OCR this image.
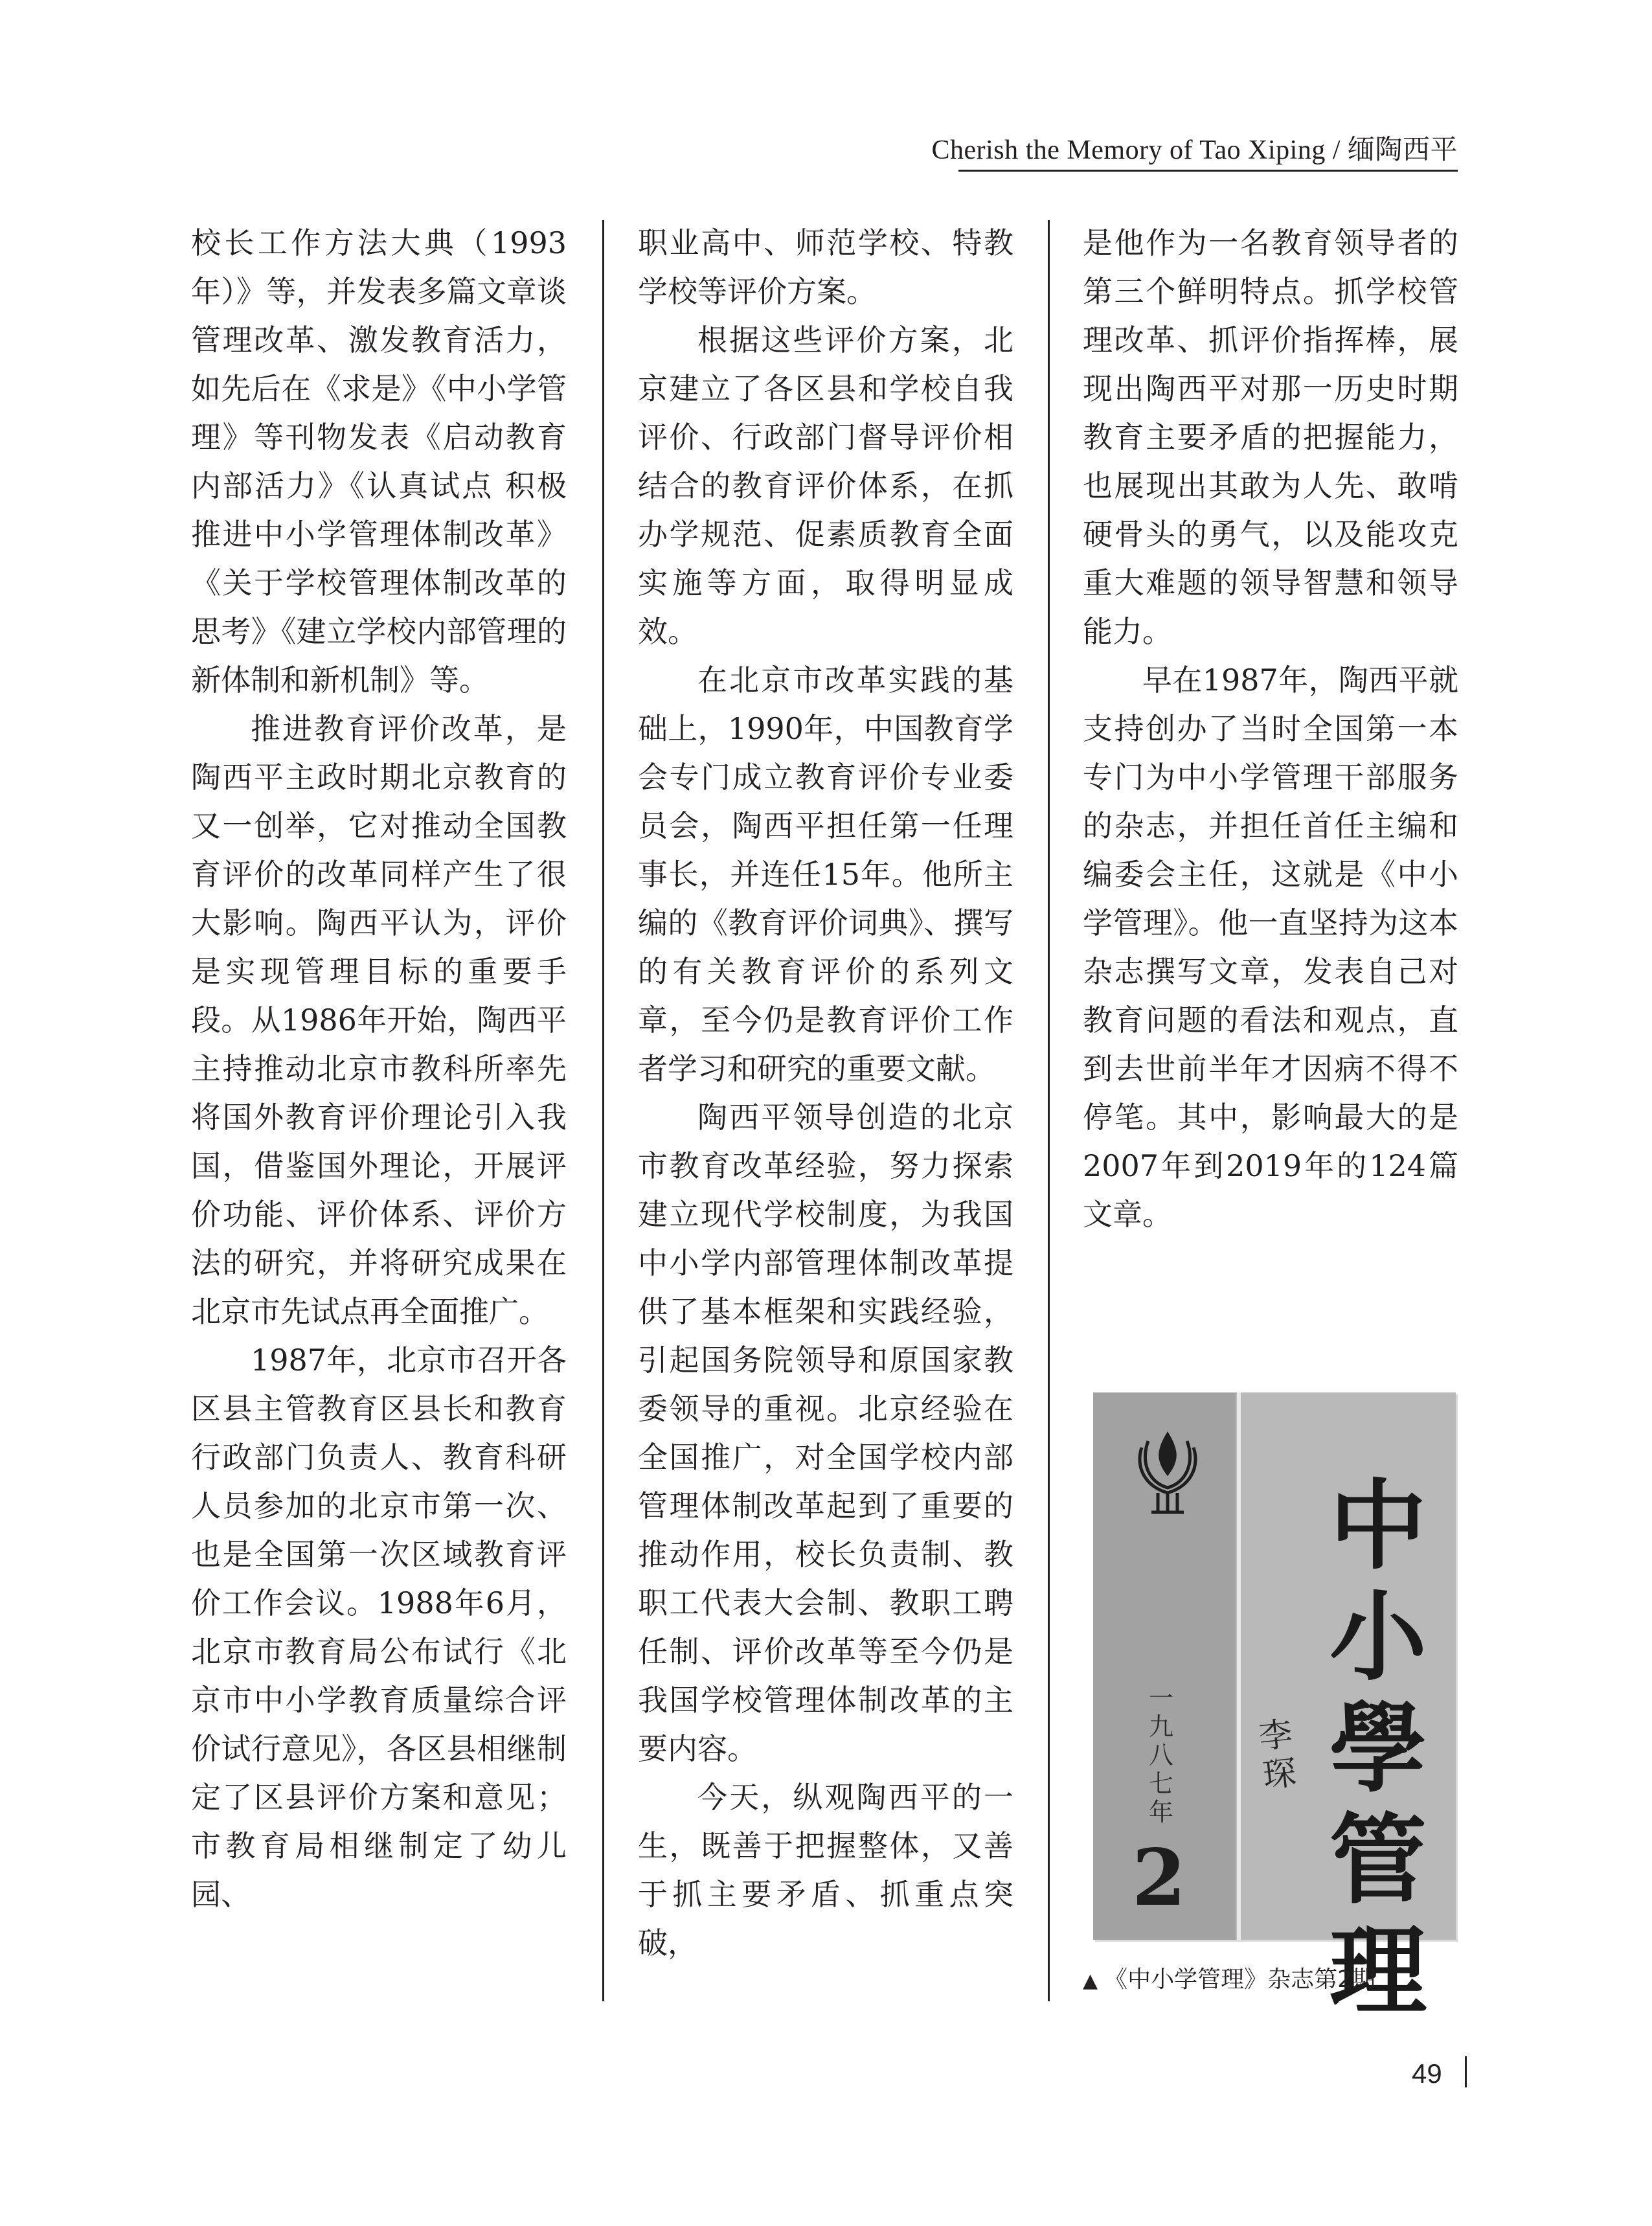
Cherish the Memory of Tao Xiping / 缅陶西平

校长工作方法大典（1993年）》等，并发表多篇文章谈管理改革、激发教育活力，如先后在《求是》《中小学管理》等刊物发表《启动教育内部活力》《认真试点 积极推进中小学管理体制改革》《关于学校管理体制改革的思考》《建立学校内部管理的新体制和新机制》等。

推进教育评价改革，是陶西平主政时期北京教育的又一创举，它对推动全国教育评价的改革同样产生了很大影响。陶西平认为，评价是实现管理目标的重要手段。从1986年开始，陶西平主持推动北京市教科所率先将国外教育评价理论引入我国，借鉴国外理论，开展评价功能、评价体系、评价方法的研究，并将研究成果在北京市先试点再全面推广。

1987年，北京市召开各区县主管教育区县长和教育行政部门负责人、教育科研人员参加的北京市第一次、也是全国第一次区域教育评价工作会议。1988年6月，北京市教育局公布试行《北京市中小学教育质量综合评价试行意见》，各区县相继制定了区县评价方案和意见；市教育局相继制定了幼儿园、

职业高中、师范学校、特教学校等评价方案。

根据这些评价方案，北京建立了各区县和学校自我评价、行政部门督导评价相结合的教育评价体系，在抓办学规范、促素质教育全面实施等方面，取得明显成效。

在北京市改革实践的基础上，1990年，中国教育学会专门成立教育评价专业委员会，陶西平担任第一任理事长，并连任15年。他所主编的《教育评价词典》、撰写的有关教育评价的系列文章，至今仍是教育评价工作者学习和研究的重要文献。

陶西平领导创造的北京市教育改革经验，努力探索建立现代学校制度，为我国中小学内部管理体制改革提供了基本框架和实践经验，引起国务院领导和原国家教委领导的重视。北京经验在全国推广，对全国学校内部管理体制改革起到了重要的推动作用，校长负责制、教职工代表大会制、教职工聘任制、评价改革等至今仍是我国学校管理体制改革的主要内容。

今天，纵观陶西平的一生，既善于把握整体，又善于抓主要矛盾、抓重点突破，

是他作为一名教育领导者的第三个鲜明特点。抓学校管理改革、抓评价指挥棒，展现出陶西平对那一历史时期教育主要矛盾的把握能力，也展现出其敢为人先、敢啃硬骨头的勇气，以及能攻克重大难题的领导智慧和领导能力。

早在1987年，陶西平就支持创办了当时全国第一本专门为中小学管理干部服务的杂志，并担任首任主编和编委会主任，这就是《中小学管理》。他一直坚持为这本杂志撰写文章，发表自己对教育问题的看法和观点，直到去世前半年才因病不得不停笔。其中，影响最大的是2007年到2019年的124篇文章。

一九八七年
2
中小學管理
李琛
▲ 《中小学管理》杂志第2期
49
